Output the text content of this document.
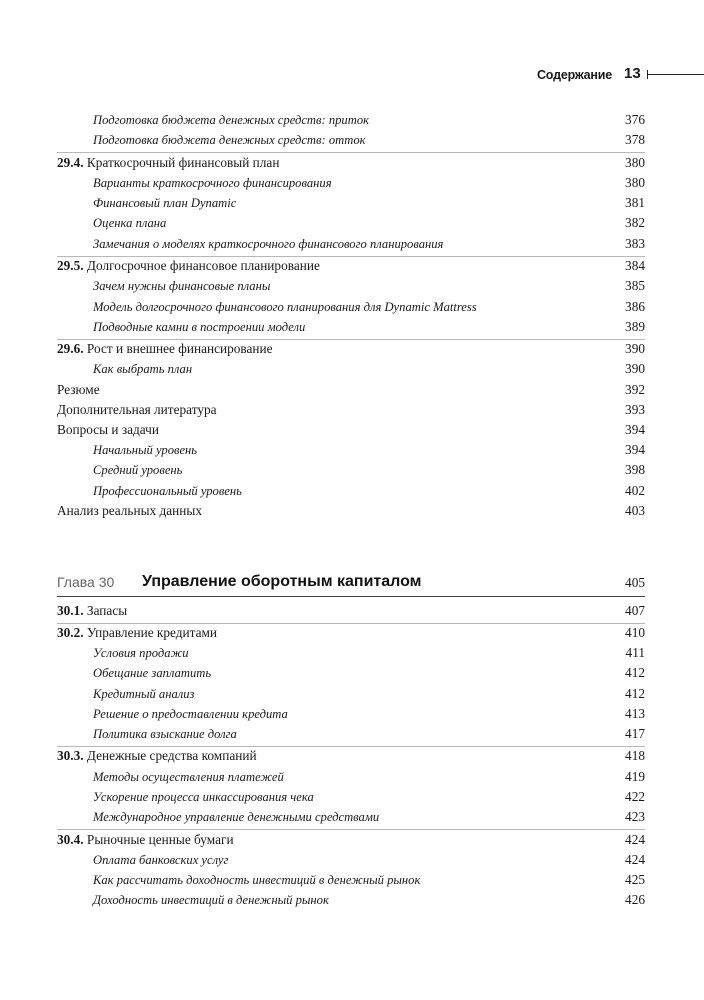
Содержание 13
Подготовка бюджета денежных средств: приток	376
Подготовка бюджета денежных средств: отток	378
29.4. Краткосрочный финансовый план	380
Варианты краткосрочного финансирования	380
Финансовый план Dynamic	381
Оценка плана	382
Замечания о моделях краткосрочного финансового планирования	383
29.5. Долгосрочное финансовое планирование	384
Зачем нужны финансовые планы	385
Модель долгосрочного финансового планирования для Dynamic Mattress	386
Подводные камни в построении модели	389
29.6. Рост и внешнее финансирование	390
Как выбрать план	390
Резюме	392
Дополнительная литература	393
Вопросы и задачи	394
Начальный уровень	394
Средний уровень	398
Профессиональный уровень	402
Анализ реальных данных	403
Глава 30 Управление оборотным капиталом	405
30.1. Запасы	407
30.2. Управление кредитами	410
Условия продажи	411
Обещание заплатить	412
Кредитный анализ	412
Решение о предоставлении кредита	413
Политика взыскание долга	417
30.3. Денежные средства компаний	418
Методы осуществления платежей	419
Ускорение процесса инкассирования чека	422
Международное управление денежными средствами	423
30.4. Рыночные ценные бумаги	424
Оплата банковских услуг	424
Как рассчитать доходность инвестиций в денежный рынок	425
Доходность инвестиций в денежный рынок	426
